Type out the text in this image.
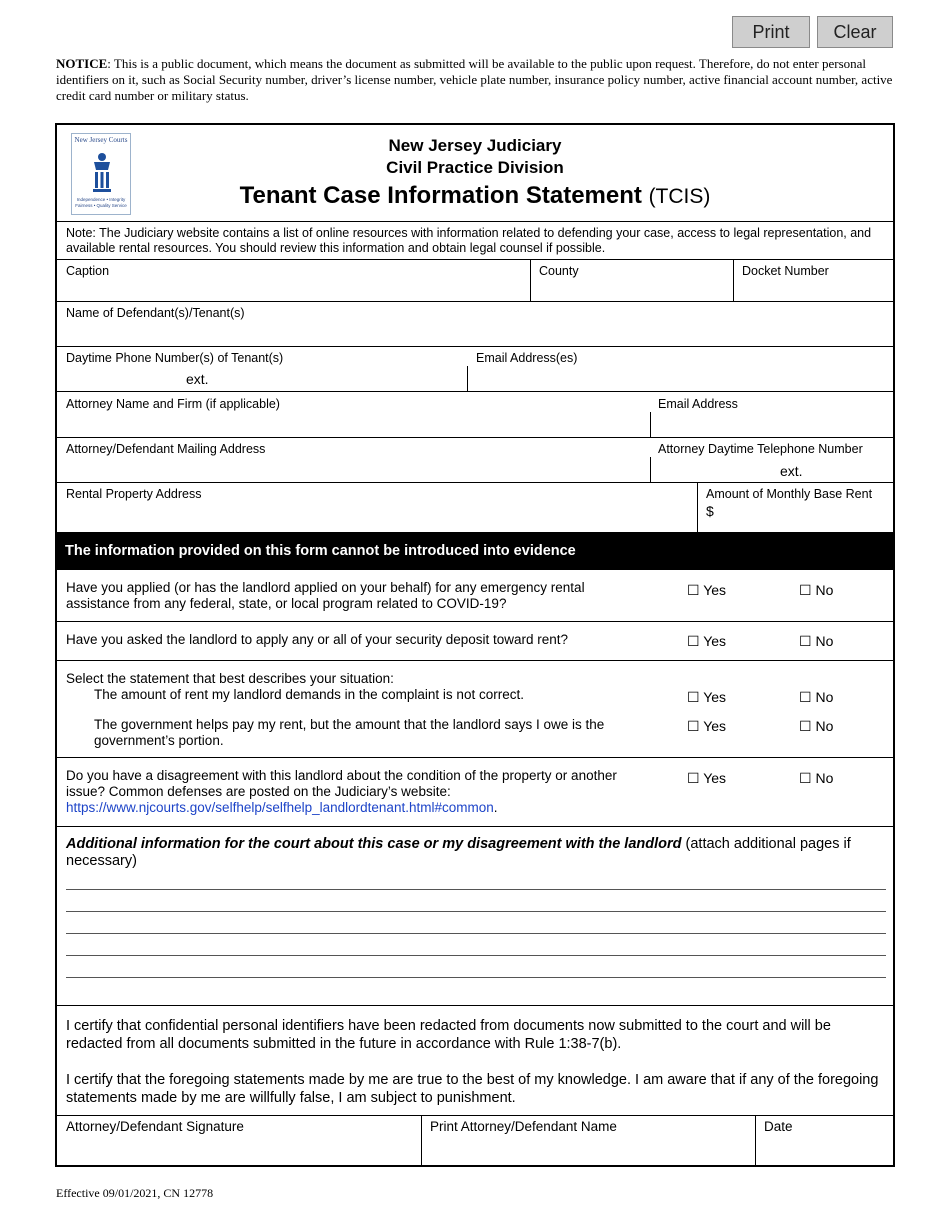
Print	Clear
NOTICE: This is a public document, which means the document as submitted will be available to the public upon request. Therefore, do not enter personal identifiers on it, such as Social Security number, driver’s license number, vehicle plate number, insurance policy number, active financial account number, active credit card number or military status.
New Jersey Courts
Independence • Integrity Fairness • Quality Service
New Jersey Judiciary
Civil Practice Division
Tenant Case Information Statement (TCIS)
Note: The Judiciary website contains a list of online resources with information related to defending your case, access to legal representation, and available rental resources. You should review this information and obtain legal counsel if possible.
Caption	County	Docket Number
Name of Defendant(s)/Tenant(s)
Daytime Phone Number(s) of Tenant(s)
ext.
Email Address(es)
Attorney Name and Firm (if applicable)	Email Address
Attorney/Defendant Mailing Address	Attorney Daytime Telephone Number
ext.
Rental Property Address	Amount of Monthly Base Rent
$
The information provided on this form cannot be introduced into evidence
Have you applied (or has the landlord applied on your behalf) for any emergency rental assistance from any federal, state, or local program related to COVID-19?
☐ Yes	☐ No
Have you asked the landlord to apply any or all of your security deposit toward rent?	☐ Yes	☐ No
Select the statement that best describes your situation:
The amount of rent my landlord demands in the complaint is not correct.	☐ Yes	☐ No
The government helps pay my rent, but the amount that the landlord says I owe is the government’s portion.
☐ Yes	☐ No
Do you have a disagreement with this landlord about the condition of the property or another issue? Common defenses are posted on the Judiciary’s website: https://www.njcourts.gov/selfhelp/selfhelp_landlordtenant.html#common.
☐ Yes	☐ No
Additional information for the court about this case or my disagreement with the landlord (attach additional pages if necessary)
I certify that confidential personal identifiers have been redacted from documents now submitted to the court and will be redacted from all documents submitted in the future in accordance with Rule 1:38-7(b).
I certify that the foregoing statements made by me are true to the best of my knowledge. I am aware that if any of the foregoing statements made by me are willfully false, I am subject to punishment.
Attorney/Defendant Signature	Print Attorney/Defendant Name	Date
Effective 09/01/2021, CN 12778
